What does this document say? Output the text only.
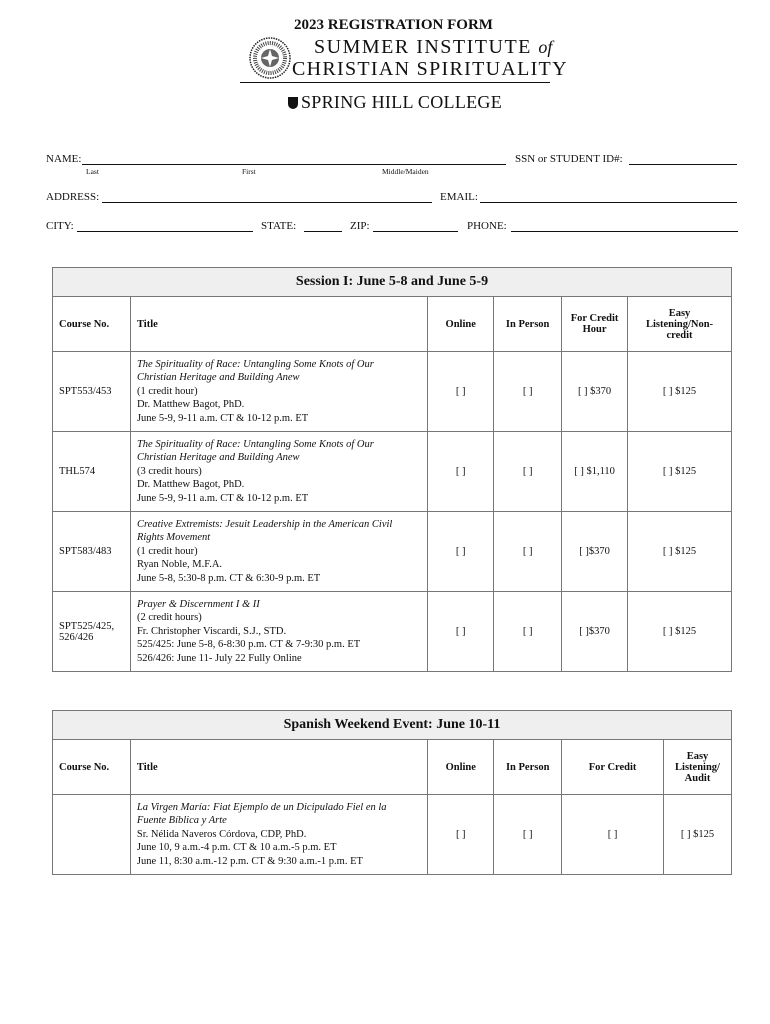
2023 REGISTRATION FORM
SUMMER INSTITUTE of
CHRISTIAN SPIRITUALITY
SPRING HILL COLLEGE
NAME:
Last	First	Middle/Maiden
SSN or STUDENT ID#:
ADDRESS:	EMAIL:
CITY:	STATE:	ZIP:	PHONE:
Session I: June 5-8 and June 5-9					
Course No.	Title	Online	In Person	For Credit Hour	Easy Listening/Non-credit
SPT553/453	The Spirituality of Race: Untangling Some Knots of Our
Christian Heritage and Building Anew
(1 credit hour)
Dr. Matthew Bagot, PhD.
June 5-9, 9-11 a.m. CT & 10-12 p.m. ET	[ ]	[ ]	[ ] $370	[ ] $125
THL574	The Spirituality of Race: Untangling Some Knots of Our
Christian Heritage and Building Anew
(3 credit hours)
Dr. Matthew Bagot, PhD.
June 5-9, 9-11 a.m. CT & 10-12 p.m. ET	[ ]	[ ]	[ ] $1,110	[ ] $125
SPT583/483	Creative Extremists: Jesuit Leadership in the American Civil
Rights Movement
(1 credit hour)
Ryan Noble, M.F.A.
June 5-8, 5:30-8 p.m. CT & 6:30-9 p.m. ET	[ ]	[ ]	[ ]$370	[ ] $125
SPT525/425, 526/426	Prayer & Discernment I & II
(2 credit hours)
Fr. Christopher Viscardi, S.J., STD.
525/425: June 5-8, 6-8:30 p.m. CT & 7-9:30 p.m. ET
526/426: June 11- July 22 Fully Online	[ ]	[ ]	[ ]$370	[ ] $125
Spanish Weekend Event: June 10-11					
Course No.	Title	Online	In Person	For Credit	Easy Listening/ Audit

	La Virgen María: Fiat Ejemplo de un Dicipulado Fiel en la
Fuente Bíblica y Arte
Sr. Nélida Naveros Córdova, CDP, PhD.
June 10, 9 a.m.-4 p.m. CT & 10 a.m.-5 p.m. ET
June 11, 8:30 a.m.-12 p.m. CT & 9:30 a.m.-1 p.m. ET	[ ]	[ ]	[ ]	[ ] $125
